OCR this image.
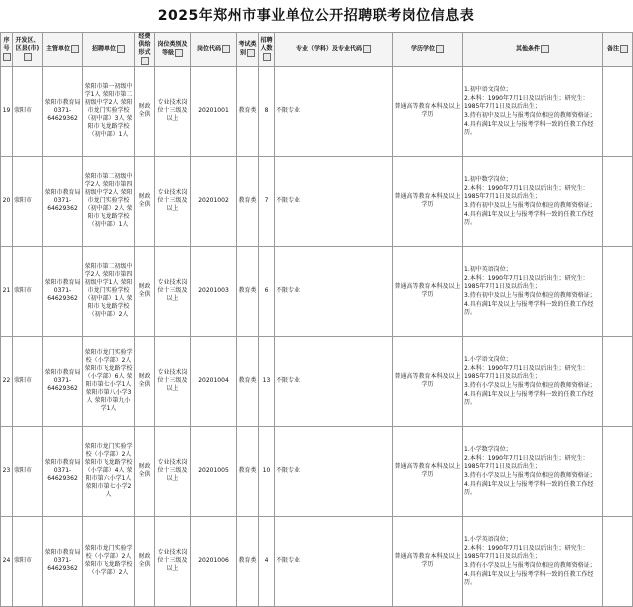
2025年郑州市事业单位公开招聘联考岗位信息表
序号	开发区、区县(市)	主管单位	招聘单位	经费供给形式	岗位类别及等级	岗位代码	考试类别	招聘人数	专业（学科）及专业代码	学历学位	其他条件	备注
19	荥阳市	荥阳市教育局0371-64629362	荥阳市第一初级中学1人 荥阳市第二初级中学2人 荥阳市龙门实验学校（初中部）3人 荥阳市飞龙路学校（初中部）1人	财政全供	专业技术岗位十三级及以上	20201001	教育类	8	不限专业	普通高等教育本科及以上学历	1.初中语文岗位；
2.本科：1990年7月1日及以后出生；研究生：1985年7月1日及以后出生；
3.持有初中及以上与报考岗位相应的教师资格证；
4.具有满1年及以上与报考学科一致的任教工作经历。	

20	荥阳市	荥阳市教育局0371-64629362	荥阳市第二初级中学2人 荥阳市第四初级中学2人 荥阳市龙门实验学校（初中部）2人 荥阳市飞龙路学校（初中部）1人	财政全供	专业技术岗位十三级及以上	20201002	教育类	7	不限专业	普通高等教育本科及以上学历	1.初中数学岗位；
2.本科：1990年7月1日及以后出生；研究生：1985年7月1日及以后出生；
3.持有初中及以上与报考岗位相应的教师资格证；
4.具有满1年及以上与报考学科一致的任教工作经历。	

21	荥阳市	荥阳市教育局0371-64629362	荥阳市第二初级中学2人 荥阳市第四初级中学1人 荥阳市龙门实验学校（初中部）1人 荥阳市飞龙路学校（初中部）2人	财政全供	专业技术岗位十三级及以上	20201003	教育类	6	不限专业	普通高等教育本科及以上学历	1.初中英语岗位；
2.本科：1990年7月1日及以后出生；研究生：1985年7月1日及以后出生；
3.持有初中及以上与报考岗位相应的教师资格证；
4.具有满1年及以上与报考学科一致的任教工作经历。	

22	荥阳市	荥阳市教育局0371-64629362	荥阳市龙门实验学校（小学部）2人 荥阳市飞龙路学校（小学部）6人 荥阳市第七小学1人 荥阳市第八小学3人 荥阳市第九小学1人	财政全供	专业技术岗位十三级及以上	20201004	教育类	13	不限专业	普通高等教育本科及以上学历	1.小学语文岗位；
2.本科：1990年7月1日及以后出生；研究生：1985年7月1日及以后出生；
3.持有小学及以上与报考岗位相应的教师资格证；
4.具有满1年及以上与报考学科一致的任教工作经历。	

23	荥阳市	荥阳市教育局0371-64629362	荥阳市龙门实验学校（小学部）2人 荥阳市飞龙路学校（小学部）4人 荥阳市第六小学1人 荥阳市第七小学2人	财政全供	专业技术岗位十三级及以上	20201005	教育类	10	不限专业	普通高等教育本科及以上学历	1.小学数学岗位；
2.本科：1990年7月1日及以后出生；研究生：1985年7月1日及以后出生；
3.持有小学及以上与报考岗位相应的教师资格证；
4.具有满1年及以上与报考学科一致的任教工作经历。	

24	荥阳市	荥阳市教育局0371-64629362	荥阳市龙门实验学校（小学部）2人 荥阳市飞龙路学校（小学部）2人	财政全供	专业技术岗位十三级及以上	20201006	教育类	4	不限专业	普通高等教育本科及以上学历	1.小学英语岗位；
2.本科：1990年7月1日及以后出生；研究生：1985年7月1日及以后出生；
3.持有小学及以上与报考岗位相应的教师资格证；
4.具有满1年及以上与报考学科一致的任教工作经历。	
